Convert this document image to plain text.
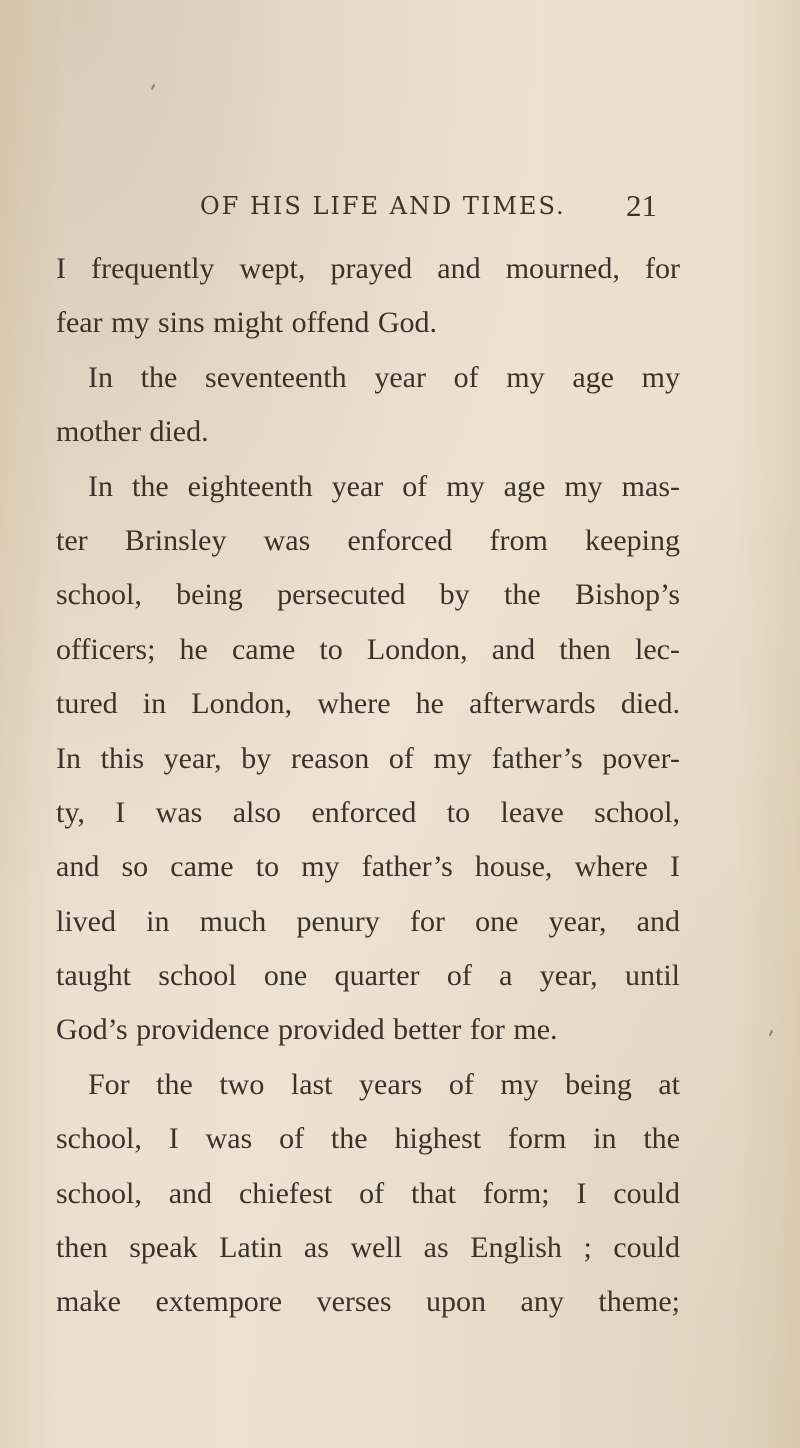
OF HIS LIFE AND TIMES. 21
I frequently wept, prayed and mourned, for
fear my sins might offend God.
In the seventeenth year of my age my
mother died.
In the eighteenth year of my age my mas-
ter Brinsley was enforced from keeping
school, being persecuted by the Bishop’s
officers; he came to London, and then lec-
tured in London, where he afterwards died.
In this year, by reason of my father’s pover-
ty, I was also enforced to leave school,
and so came to my father’s house, where I
lived in much penury for one year, and
taught school one quarter of a year, until
God’s providence provided better for me.
For the two last years of my being at
school, I was of the highest form in the
school, and chiefest of that form; I could
then speak Latin as well as English ; could
make extempore verses upon any theme;
